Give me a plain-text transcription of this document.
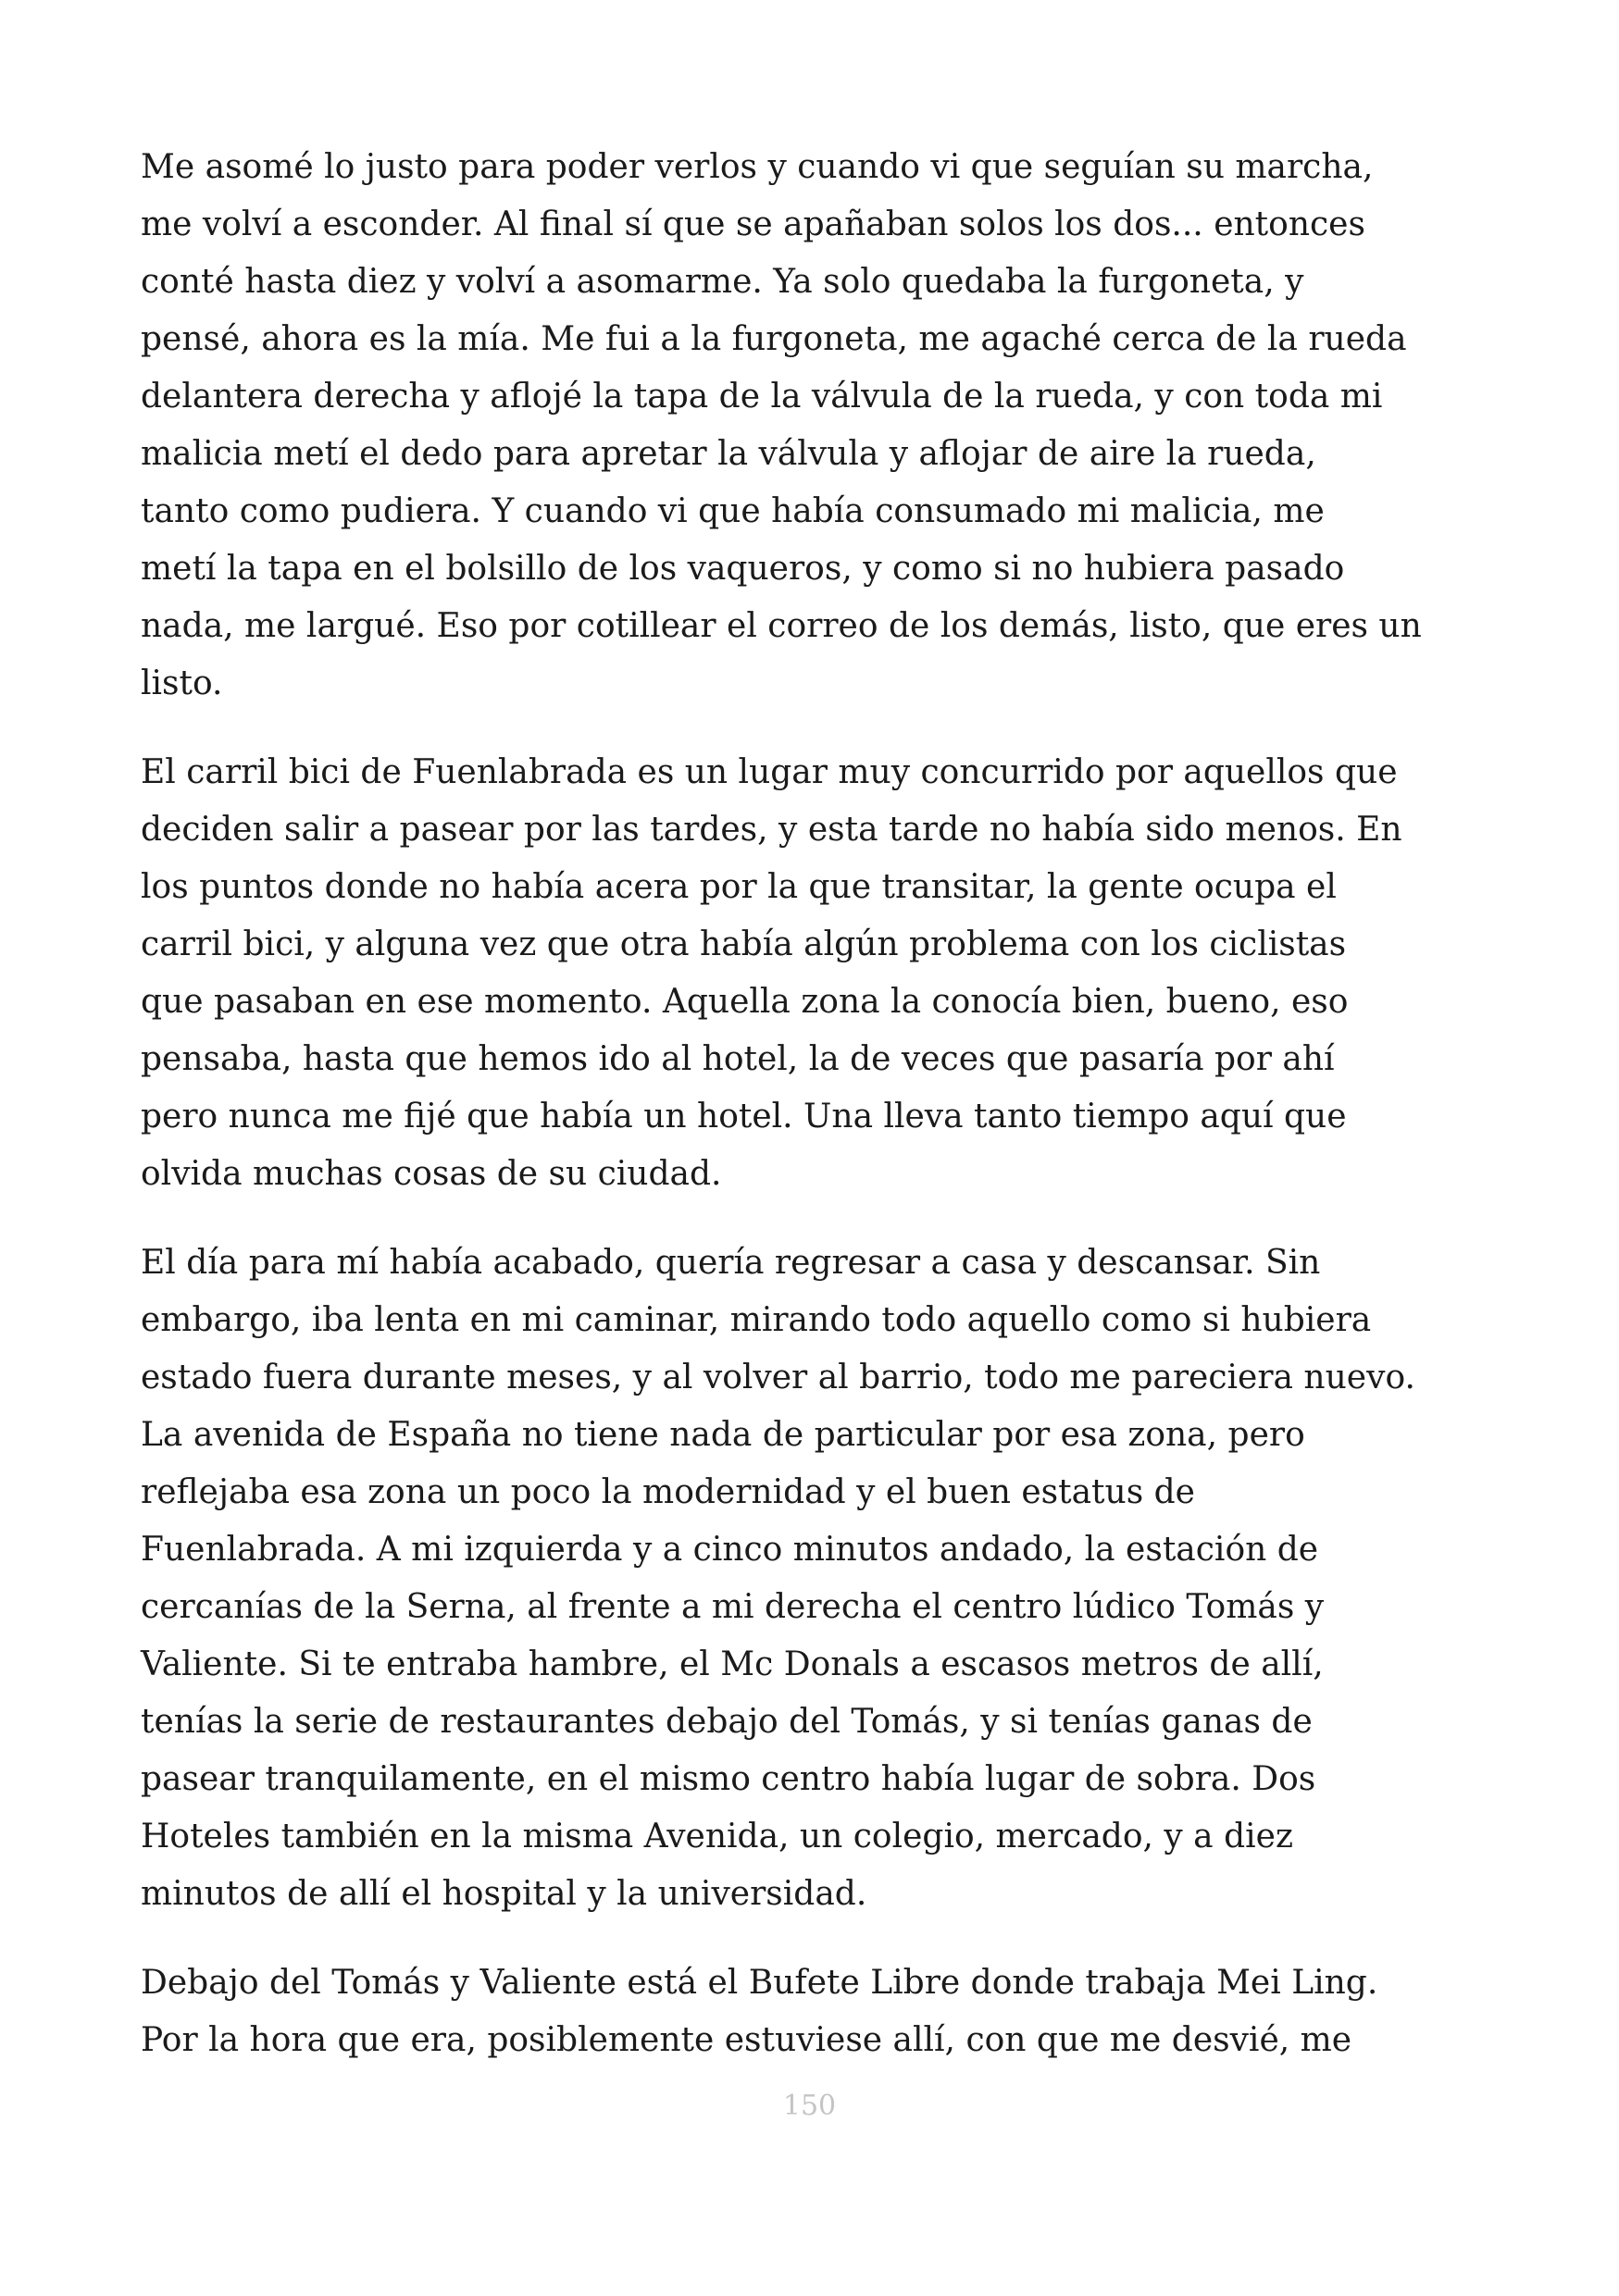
Me asomé lo justo para poder verlos y cuando vi que seguían su marcha,
me volví a esconder. Al final sí que se apañaban solos los dos... entonces
conté hasta diez y volví a asomarme. Ya solo quedaba la furgoneta, y
pensé, ahora es la mía. Me fui a la furgoneta, me agaché cerca de la rueda
delantera derecha y aflojé la tapa de la válvula de la rueda, y con toda mi
malicia metí el dedo para apretar la válvula y aflojar de aire la rueda,
tanto como pudiera. Y cuando vi que había consumado mi malicia, me
metí la tapa en el bolsillo de los vaqueros, y como si no hubiera pasado
nada, me largué. Eso por cotillear el correo de los demás, listo, que eres un
listo.

El carril bici de Fuenlabrada es un lugar muy concurrido por aquellos que
deciden salir a pasear por las tardes, y esta tarde no había sido menos. En
los puntos donde no había acera por la que transitar, la gente ocupa el
carril bici, y alguna vez que otra había algún problema con los ciclistas
que pasaban en ese momento. Aquella zona la conocía bien, bueno, eso
pensaba, hasta que hemos ido al hotel, la de veces que pasaría por ahí
pero nunca me fijé que había un hotel. Una lleva tanto tiempo aquí que
olvida muchas cosas de su ciudad.

El día para mí había acabado, quería regresar a casa y descansar. Sin
embargo, iba lenta en mi caminar, mirando todo aquello como si hubiera
estado fuera durante meses, y al volver al barrio, todo me pareciera nuevo.
La avenida de España no tiene nada de particular por esa zona, pero
reflejaba esa zona un poco la modernidad y el buen estatus de
Fuenlabrada. A mi izquierda y a cinco minutos andado, la estación de
cercanías de la Serna, al frente a mi derecha el centro lúdico Tomás y
Valiente. Si te entraba hambre, el Mc Donals a escasos metros de allí,
tenías la serie de restaurantes debajo del Tomás, y si tenías ganas de
pasear tranquilamente, en el mismo centro había lugar de sobra. Dos
Hoteles también en la misma Avenida, un colegio, mercado, y a diez
minutos de allí el hospital y la universidad.

Debajo del Tomás y Valiente está el Bufete Libre donde trabaja Mei Ling.
Por la hora que era, posiblemente estuviese allí, con que me desvié, me

150
